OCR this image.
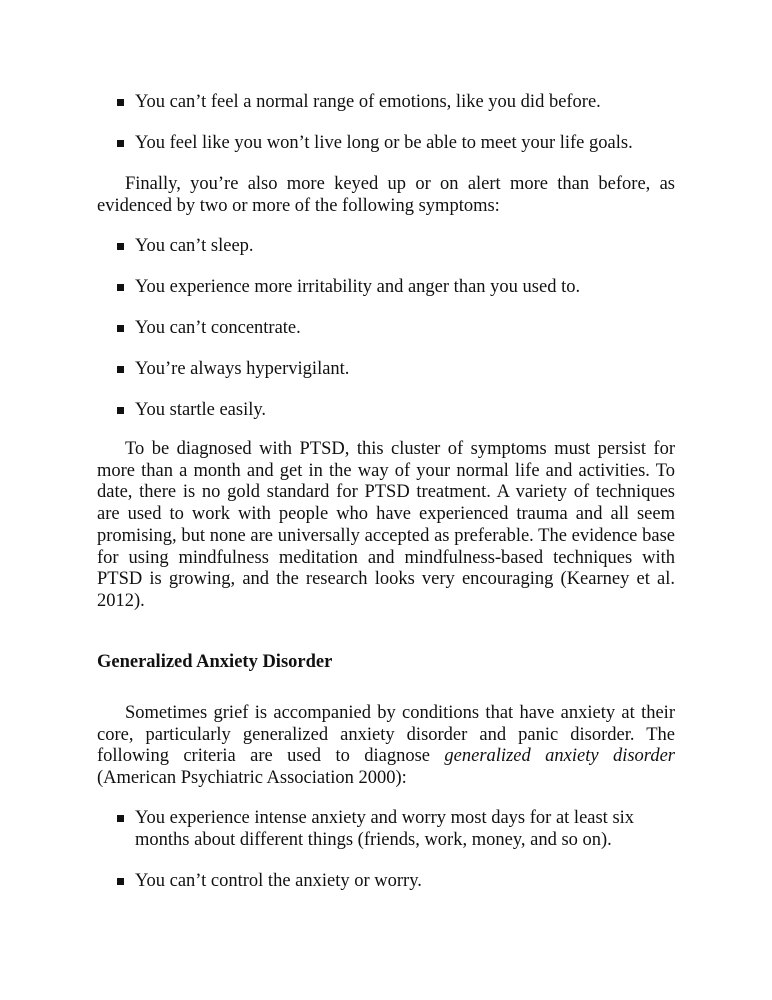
You can’t feel a normal range of emotions, like you did before.
You feel like you won’t live long or be able to meet your life goals.

Finally, you’re also more keyed up or on alert more than before, as evidenced by two or more of the following symptoms:

You can’t sleep.
You experience more irritability and anger than you used to.
You can’t concentrate.
You’re always hypervigilant.
You startle easily.

To be diagnosed with PTSD, this cluster of symptoms must persist for more than a month and get in the way of your normal life and activities. To date, there is no gold standard for PTSD treatment. A variety of techniques are used to work with people who have experienced trauma and all seem promising, but none are universally accepted as preferable. The evidence base for using mindfulness meditation and mindfulness-based techniques with PTSD is growing, and the research looks very encouraging (Kearney et al. 2012).

Generalized Anxiety Disorder

Sometimes grief is accompanied by conditions that have anxiety at their core, particularly generalized anxiety disorder and panic disorder. The following criteria are used to diagnose generalized anxiety disorder (American Psychiatric Association 2000):

You experience intense anxiety and worry most days for at least six months about different things (friends, work, money, and so on).
You can’t control the anxiety or worry.
